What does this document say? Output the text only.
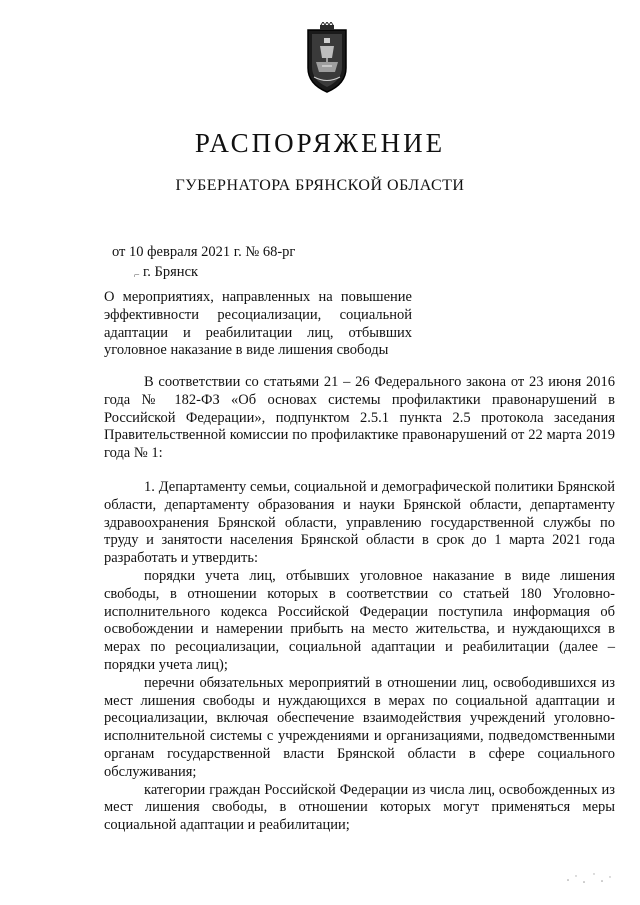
РАСПОРЯЖЕНИЕ
ГУБЕРНАТОРА БРЯНСКОЙ ОБЛАСТИ
от 10 февраля 2021 г. № 68-рг
⌐ г. Брянск

О мероприятиях, направленных на повышение эффективности ресоциализации, социальной адаптации и реабилитации лиц, отбывших уголовное наказание в виде лишения свободы

В соответствии со статьями 21 – 26 Федерального закона от 23 июня 2016 года № 182-ФЗ «Об основах системы профилактики правонарушений в Российской Федерации», подпунктом 2.5.1 пункта 2.5 протокола заседания Правительственной комиссии по профилактике правонарушений от 22 марта 2019 года № 1:

1. Департаменту семьи, социальной и демографической политики Брянской области, департаменту образования и науки Брянской области, департаменту здравоохранения Брянской области, управлению государственной службы по труду и занятости населения Брянской области в срок до 1 марта 2021 года разработать и утвердить:

порядки учета лиц, отбывших уголовное наказание в виде лишения свободы, в отношении которых в соответствии со статьей 180 Уголовно-исполнительного кодекса Российской Федерации поступила информация об освобождении и намерении прибыть на место жительства, и нуждающихся в мерах по ресоциализации, социальной адаптации и реабилитации (далее – порядки учета лиц);

перечни обязательных мероприятий в отношении лиц, освободившихся из мест лишения свободы и нуждающихся в мерах по социальной адаптации и ресоциализации, включая обеспечение взаимодействия учреждений уголовно-исполнительной системы с учреждениями и организациями, подведомственными органам государственной власти Брянской области в сфере социального обслуживания;

категории граждан Российской Федерации из числа лиц, освобожденных из мест лишения свободы, в отношении которых могут применяться меры социальной адаптации и реабилитации;
